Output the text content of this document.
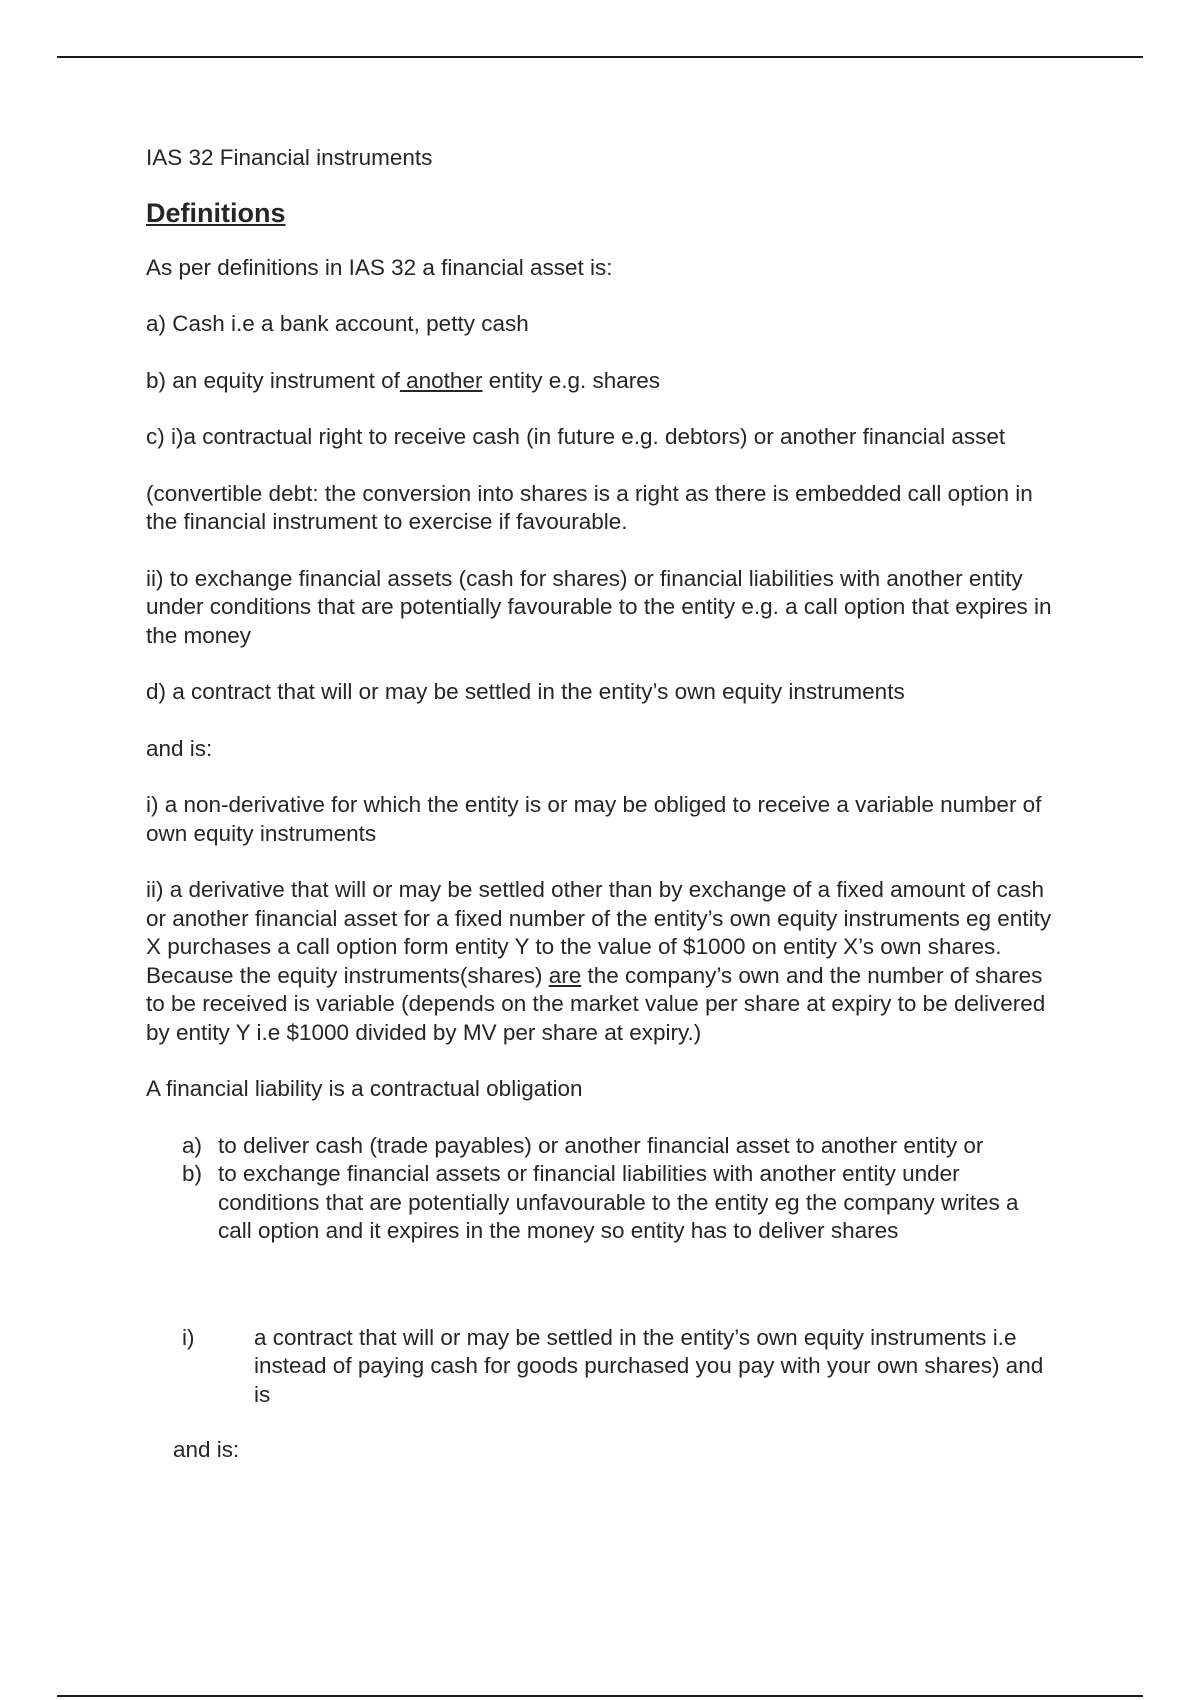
IAS 32 Financial instruments

Definitions

As per definitions in IAS 32 a financial asset is:

a) Cash i.e a bank account, petty cash

b) an equity instrument of another entity e.g. shares

c) i)a contractual right to receive cash (in future e.g. debtors) or another financial asset

(convertible debt: the conversion into shares is a right as there is embedded call option in the financial instrument to exercise if favourable.

ii) to exchange financial assets (cash for shares) or financial liabilities with another entity under conditions that are potentially favourable to the entity e.g. a call option that expires in the money

d) a contract that will or may be settled in the entity’s own equity instruments

and is:

i) a non-derivative for which the entity is or may be obliged to receive a variable number of own equity instruments

ii) a derivative that will or may be settled other than by exchange of a fixed amount of cash or another financial asset for a fixed number of the entity’s own equity instruments eg entity X purchases a call option form entity Y to the value of $1000 on entity X’s own shares. Because the equity instruments(shares) are the company’s own and the number of shares to be received is variable (depends on the market value per share at expiry to be delivered by entity Y i.e $1000 divided by MV per share at expiry.)

A financial liability is a contractual obligation

a) to deliver cash (trade payables) or another financial asset to another entity or
b) to exchange financial assets or financial liabilities with another entity under conditions that are potentially unfavourable to the entity eg the company writes a call option and it expires in the money so entity has to deliver shares
i)	a contract that will or may be settled in the entity’s own equity instruments i.e instead of paying cash for goods purchased you pay with your own shares) and is

and is:
